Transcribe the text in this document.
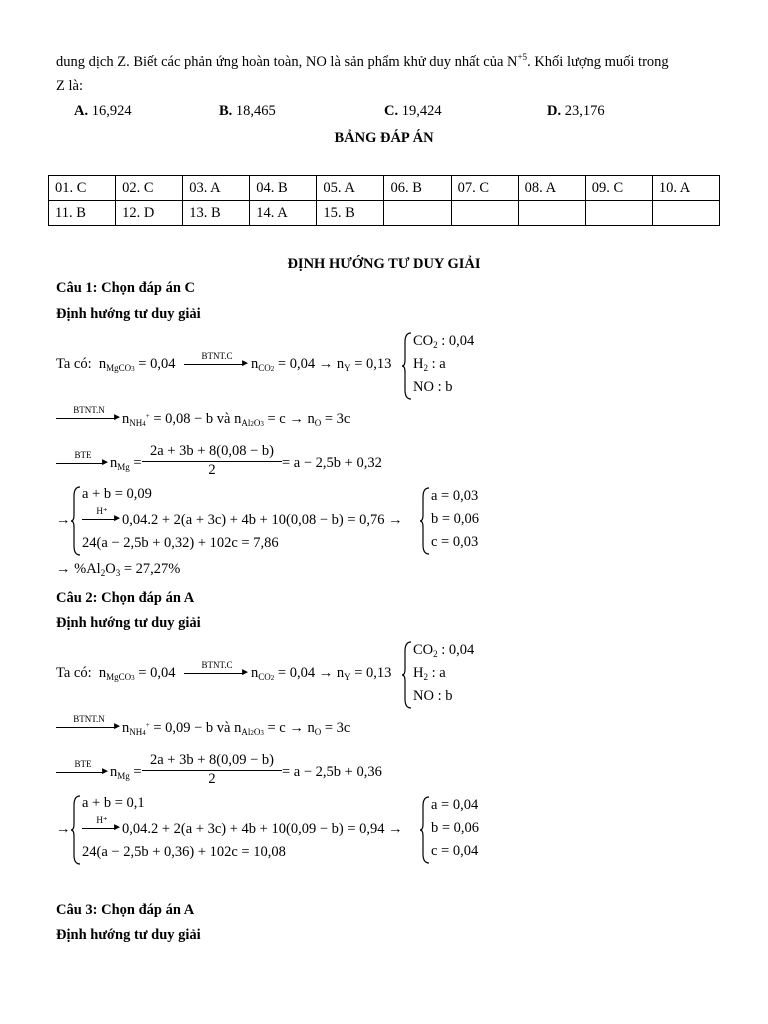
dung dịch Z. Biết các phản ứng hoàn toàn, NO là sản phẩm khử duy nhất của $N^{+5}$. Khối lượng muối trong
Z là:
A. 16,924	B. 18,465	C. 19,424	D. 23,176
BẢNG ĐÁP ÁN
01. C	02. C	03. A	04. B	05. A	06. B	07. C	08. A	09. C	10. A
11. B	12. D	13. B	14. A	15. B					
ĐỊNH HƯỚNG TƯ DUY GIẢI
Câu 1: Chọn đáp án C
Định hướng tư duy giải
Ta có:  $n_{MgCO3} = 0,04$	BTNT.C
► $n_{CO2} = 0,04 \to n_Y = 0,13$
$CO_2$ : 0,04
$H_2$ : a
NO : b
BTNT.N
► $n_{NH4^+} = 0,08 - b$ và $n_{Al2O3} = c \to n_O = 3c$
BTE
► $n_{Mg} = \frac{2a + 3b + 8(0,08 - b)}{2} = a - 2,5b + 0,32$
→
a + b = 0,09
H⁺
► 0,04.2 + 2(a + 3c) + 4b + 10(0,08 − b) = 0,76 →
24(a − 2,5b + 0,32) + 102c = 7,86
a = 0,03
b = 0,06
c = 0,03
→ $\%Al_2O_3 = 27,27\%$
Câu 2: Chọn đáp án A
Định hướng tư duy giải
Ta có:  $n_{MgCO3} = 0,04$	BTNT.C
► $n_{CO2} = 0,04 \to n_Y = 0,13$
$CO_2$ : 0,04
$H_2$ : a
NO : b
BTNT.N
► $n_{NH4^+} = 0,09 - b$ và $n_{Al2O3} = c \to n_O = 3c$
BTE
► $n_{Mg} = \frac{2a + 3b + 8(0,09 - b)}{2} = a - 2,5b + 0,36$
→
a + b = 0,1
H⁺
► 0,04.2 + 2(a + 3c) + 4b + 10(0,09 − b) = 0,94 →
24(a − 2,5b + 0,36) + 102c = 10,08
a = 0,04
b = 0,06
c = 0,04
Câu 3: Chọn đáp án A
Định hướng tư duy giải
